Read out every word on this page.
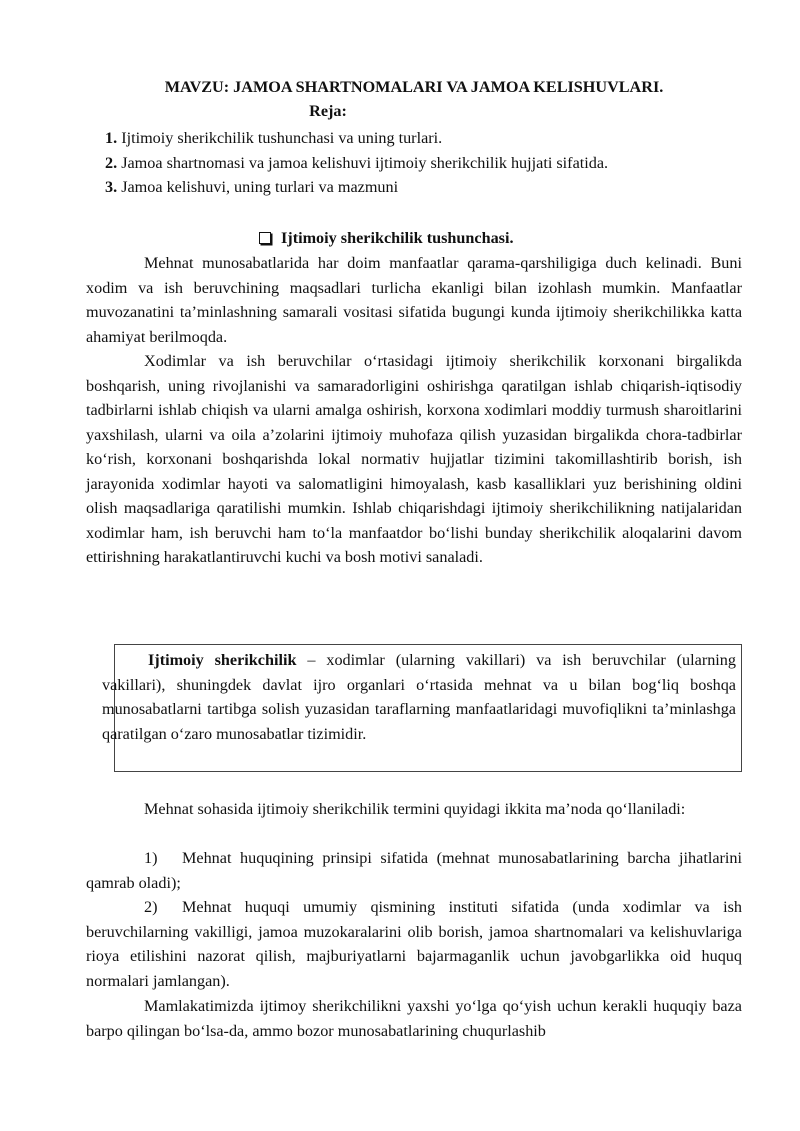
MAVZU: JAMOA SHARTNOMALARI VA JAMOA KELISHUVLARI.
Reja:
1. Ijtimoiy sherikchilik tushunchasi va uning turlari.
2. Jamoa shartnomasi va jamoa kelishuvi ijtimoiy sherikchilik hujjati sifatida.
3. Jamoa kelishuvi, uning turlari va mazmuni
Ijtimoiy sherikchilik tushunchasi.

Mehnat munosabatlarida har doim manfaatlar qarama-qarshiligiga duch kelinadi. Buni xodim va ish beruvchining maqsadlari turlicha ekanligi bilan izohlash mumkin. Manfaatlar muvozanatini ta’minlashning samarali vositasi sifatida bugungi kunda ijtimoiy sherikchilikka katta ahamiyat berilmoqda.

Xodimlar va ish beruvchilar o‘rtasidagi ijtimoiy sherikchilik korxonani birgalikda boshqarish, uning rivojlanishi va samaradorligini oshirishga qaratilgan ishlab chiqarish-iqtisodiy tadbirlarni ishlab chiqish va ularni amalga oshirish, korxona xodimlari moddiy turmush sharoitlarini yaxshilash, ularni va oila a’zolarini ijtimoiy muhofaza qilish yuzasidan birgalikda chora-tadbirlar ko‘rish, korxonani boshqarishda lokal normativ hujjatlar tizimini takomillashtirib borish, ish jarayonida xodimlar hayoti va salomatligini himoyalash, kasb kasalliklari yuz berishining oldini olish maqsadlariga qaratilishi mumkin. Ishlab chiqarishdagi ijtimoiy sherikchilikning natijalaridan xodimlar ham, ish beruvchi ham to‘la manfaatdor bo‘lishi bunday sherikchilik aloqalarini davom ettirishning harakatlantiruvchi kuchi va bosh motivi sanaladi.

Ijtimoiy sherikchilik – xodimlar (ularning vakillari) va ish beruvchilar (ularning vakillari), shuningdek davlat ijro organlari o‘rtasida mehnat va u bilan bog‘liq boshqa munosabatlarni tartibga solish yuzasidan taraflarning manfaatlaridagi muvofiqlikni ta’minlashga qaratilgan o‘zaro munosabatlar tizimidir.

Mehnat sohasida ijtimoiy sherikchilik termini quyidagi ikkita ma’noda qo‘llaniladi:

1) Mehnat huquqining prinsipi sifatida (mehnat munosabatlarining barcha jihatlarini qamrab oladi);

2) Mehnat huquqi umumiy qismining instituti sifatida (unda xodimlar va ish beruvchilarning vakilligi, jamoa muzokaralarini olib borish, jamoa shartnomalari va kelishuvlariga rioya etilishini nazorat qilish, majburiyatlarni bajarmaganlik uchun javobgarlikka oid huquq normalari jamlangan).

Mamlakatimizda ijtimoy sherikchilikni yaxshi yo‘lga qo‘yish uchun kerakli huquqiy baza barpo qilingan bo‘lsa-da, ammo bozor munosabatlarining chuqurlashib
